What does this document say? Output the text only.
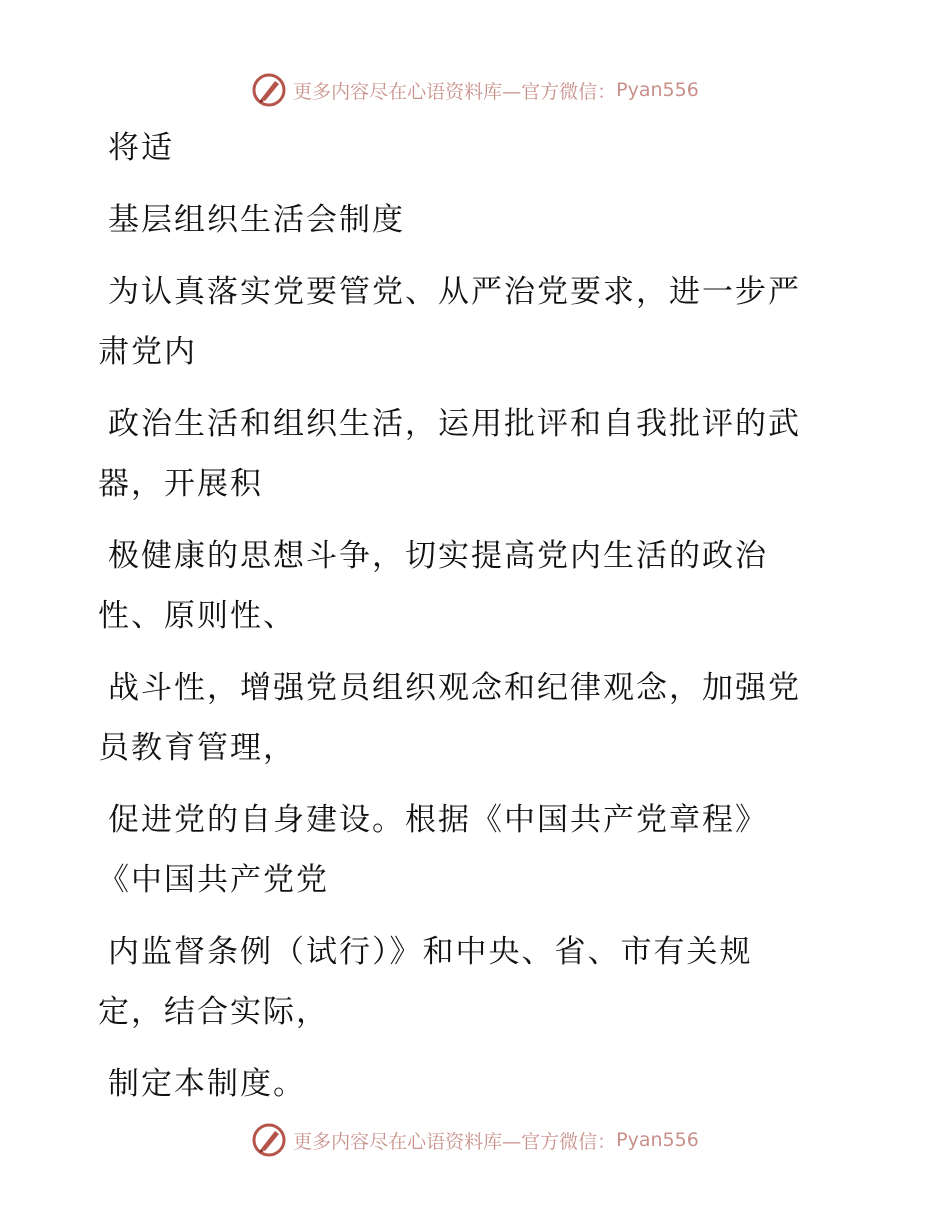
更多内容尽在心语资料库—官方微信： Pyan556
将适
基层组织生活会制度
为认真落实党要管党、从严治党要求，进一步严
肃党内
政治生活和组织生活，运用批评和自我批评的武
器，开展积
极健康的思想斗争，切实提高党内生活的政治
性、原则性、
战斗性，增强党员组织观念和纪律观念，加强党
员教育管理，
促进党的自身建设。根据《中国共产党章程》
《中国共产党党
内监督条例（试行）》和中央、省、市有关规
定，结合实际，
制定本制度。
更多内容尽在心语资料库—官方微信： Pyan556
